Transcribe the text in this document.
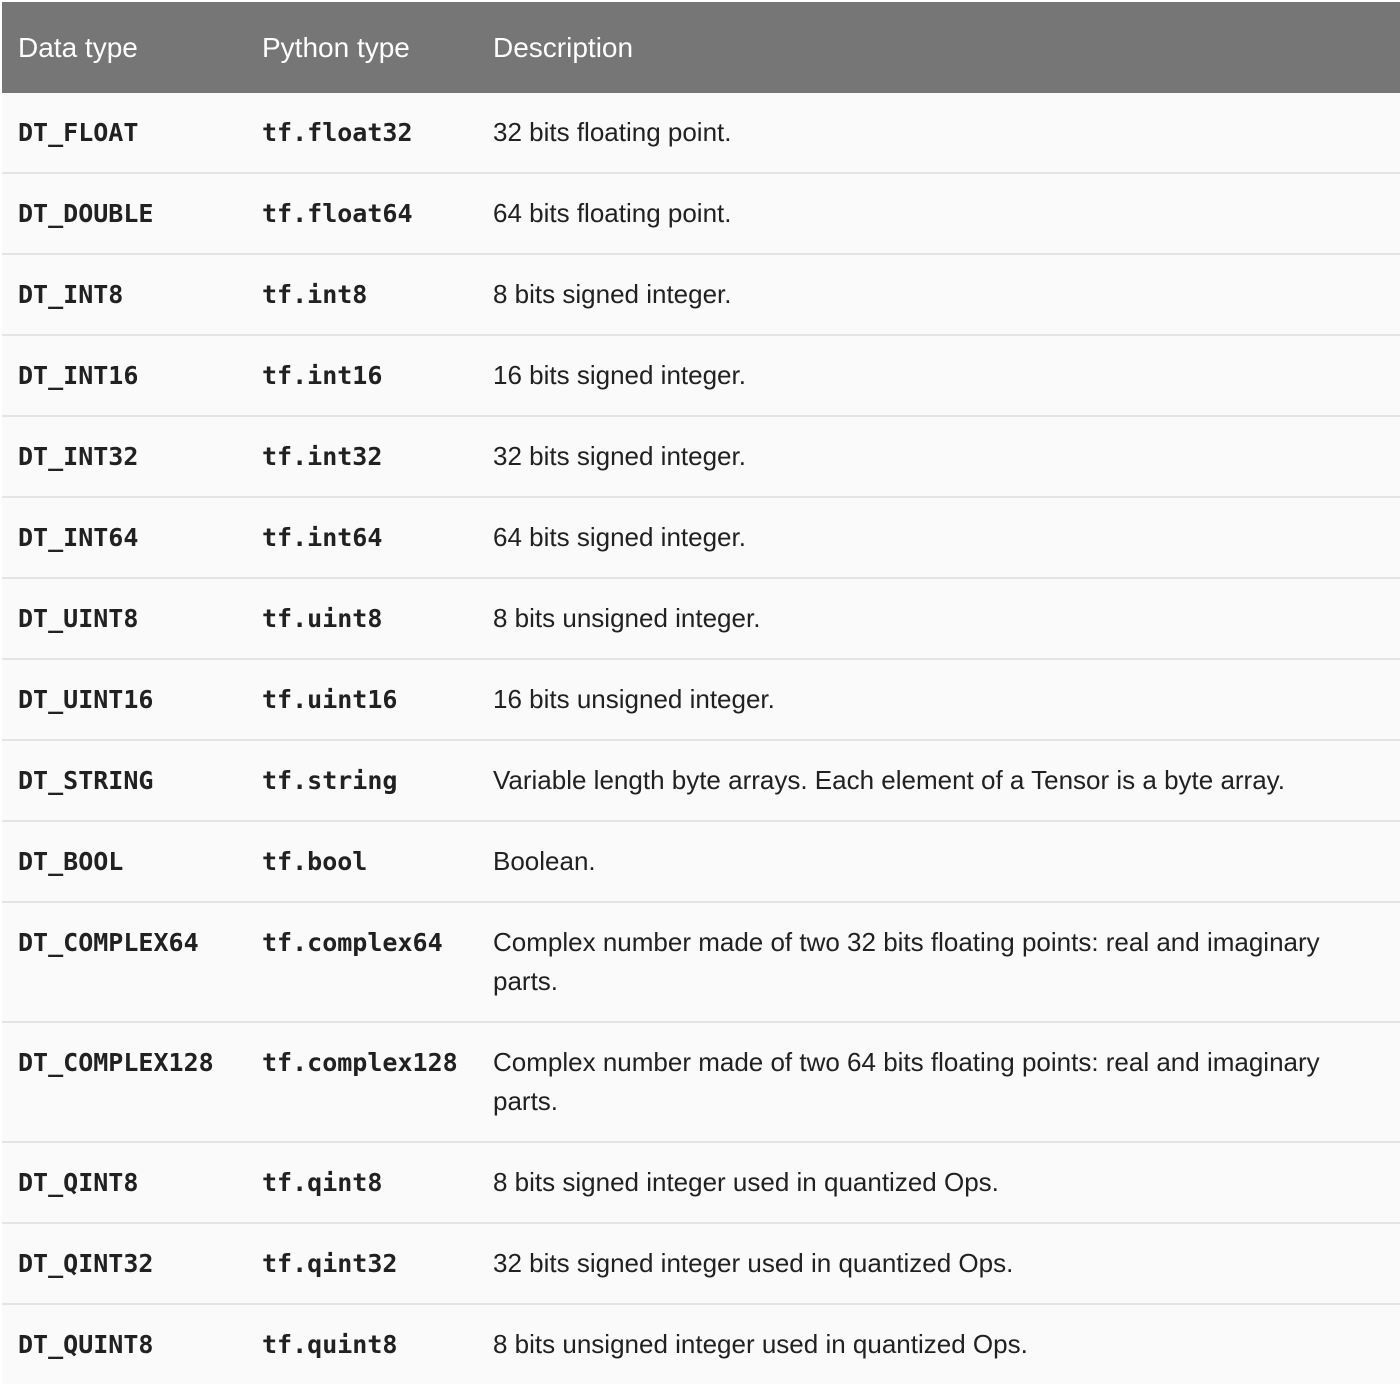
Data type	Python type	Description
DT_FLOAT	tf.float32	32 bits floating point.
DT_DOUBLE	tf.float64	64 bits floating point.
DT_INT8	tf.int8	8 bits signed integer.
DT_INT16	tf.int16	16 bits signed integer.
DT_INT32	tf.int32	32 bits signed integer.
DT_INT64	tf.int64	64 bits signed integer.
DT_UINT8	tf.uint8	8 bits unsigned integer.
DT_UINT16	tf.uint16	16 bits unsigned integer.
DT_STRING	tf.string	Variable length byte arrays. Each element of a Tensor is a byte array.
DT_BOOL	tf.bool	Boolean.
DT_COMPLEX64	tf.complex64	Complex number made of two 32 bits floating points: real and imaginary parts.
DT_COMPLEX128	tf.complex128	Complex number made of two 64 bits floating points: real and imaginary parts.
DT_QINT8	tf.qint8	8 bits signed integer used in quantized Ops.
DT_QINT32	tf.qint32	32 bits signed integer used in quantized Ops.
DT_QUINT8	tf.quint8	8 bits unsigned integer used in quantized Ops.
